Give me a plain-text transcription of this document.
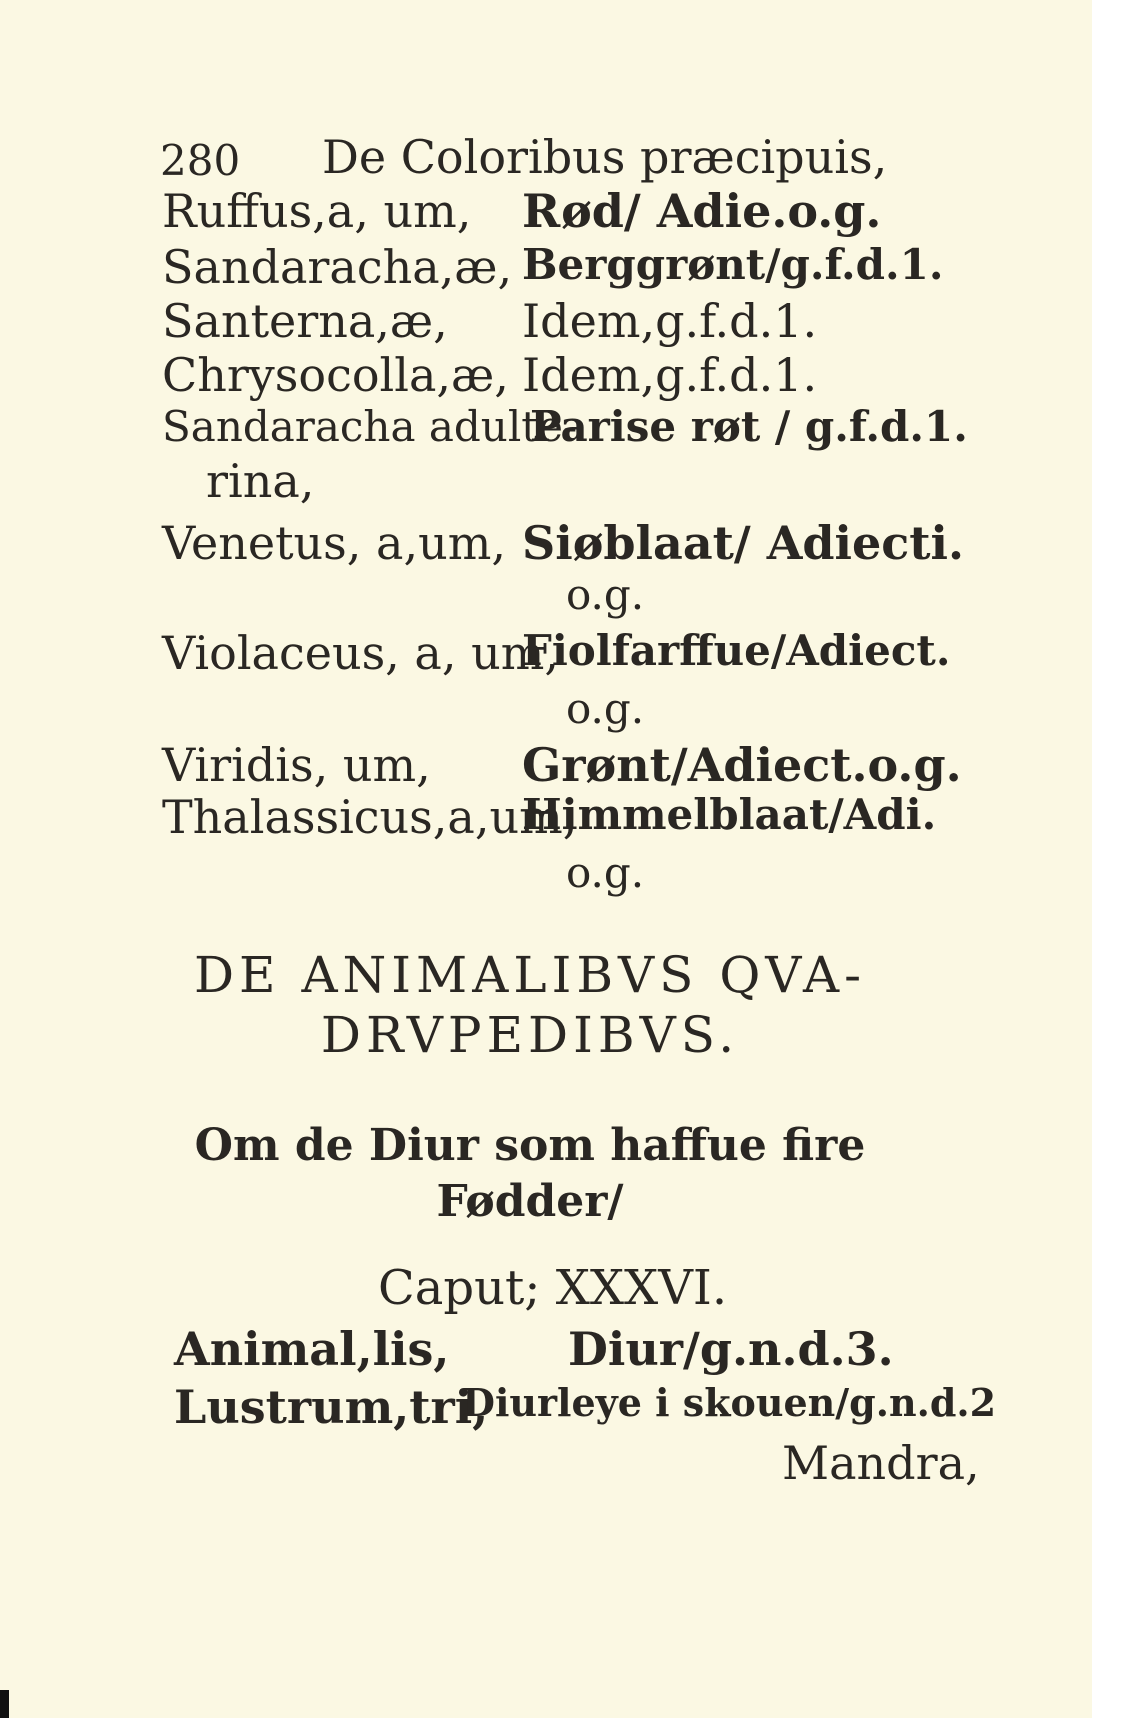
280 De Coloribus præcipuis,
Ruffus,a, um, Rød/ Adie.o.g.
Sandaracha,æ, Berggrønt/g.f.d.1.
Santerna,æ, Idem,g.f.d.1.
Chrysocolla,æ, Idem,g.f.d.1.
Sandaracha adulte-
Parise røt / g.f.d.1.
rina,
Venetus, a,um, Siøblaat/ Adiecti.
o.g.
Violaceus, a, um,
Fiolfarffue/Adiect.
o.g.
Viridis, um, Grønt/Adiect.o.g.
Thalassicus,a,um,
Himmelblaat/Adi.
o.g.
DE ANIMALIBVS QVA-
DRVPEDIBVS.
Om de Diur som haffue fire
Fødder/
Caput; XXXVI.
Animal,lis,	Diur/g.n.d.3.
Lustrum,tri,
Diurleye i skouen/g.n.d.2
Mandra,
